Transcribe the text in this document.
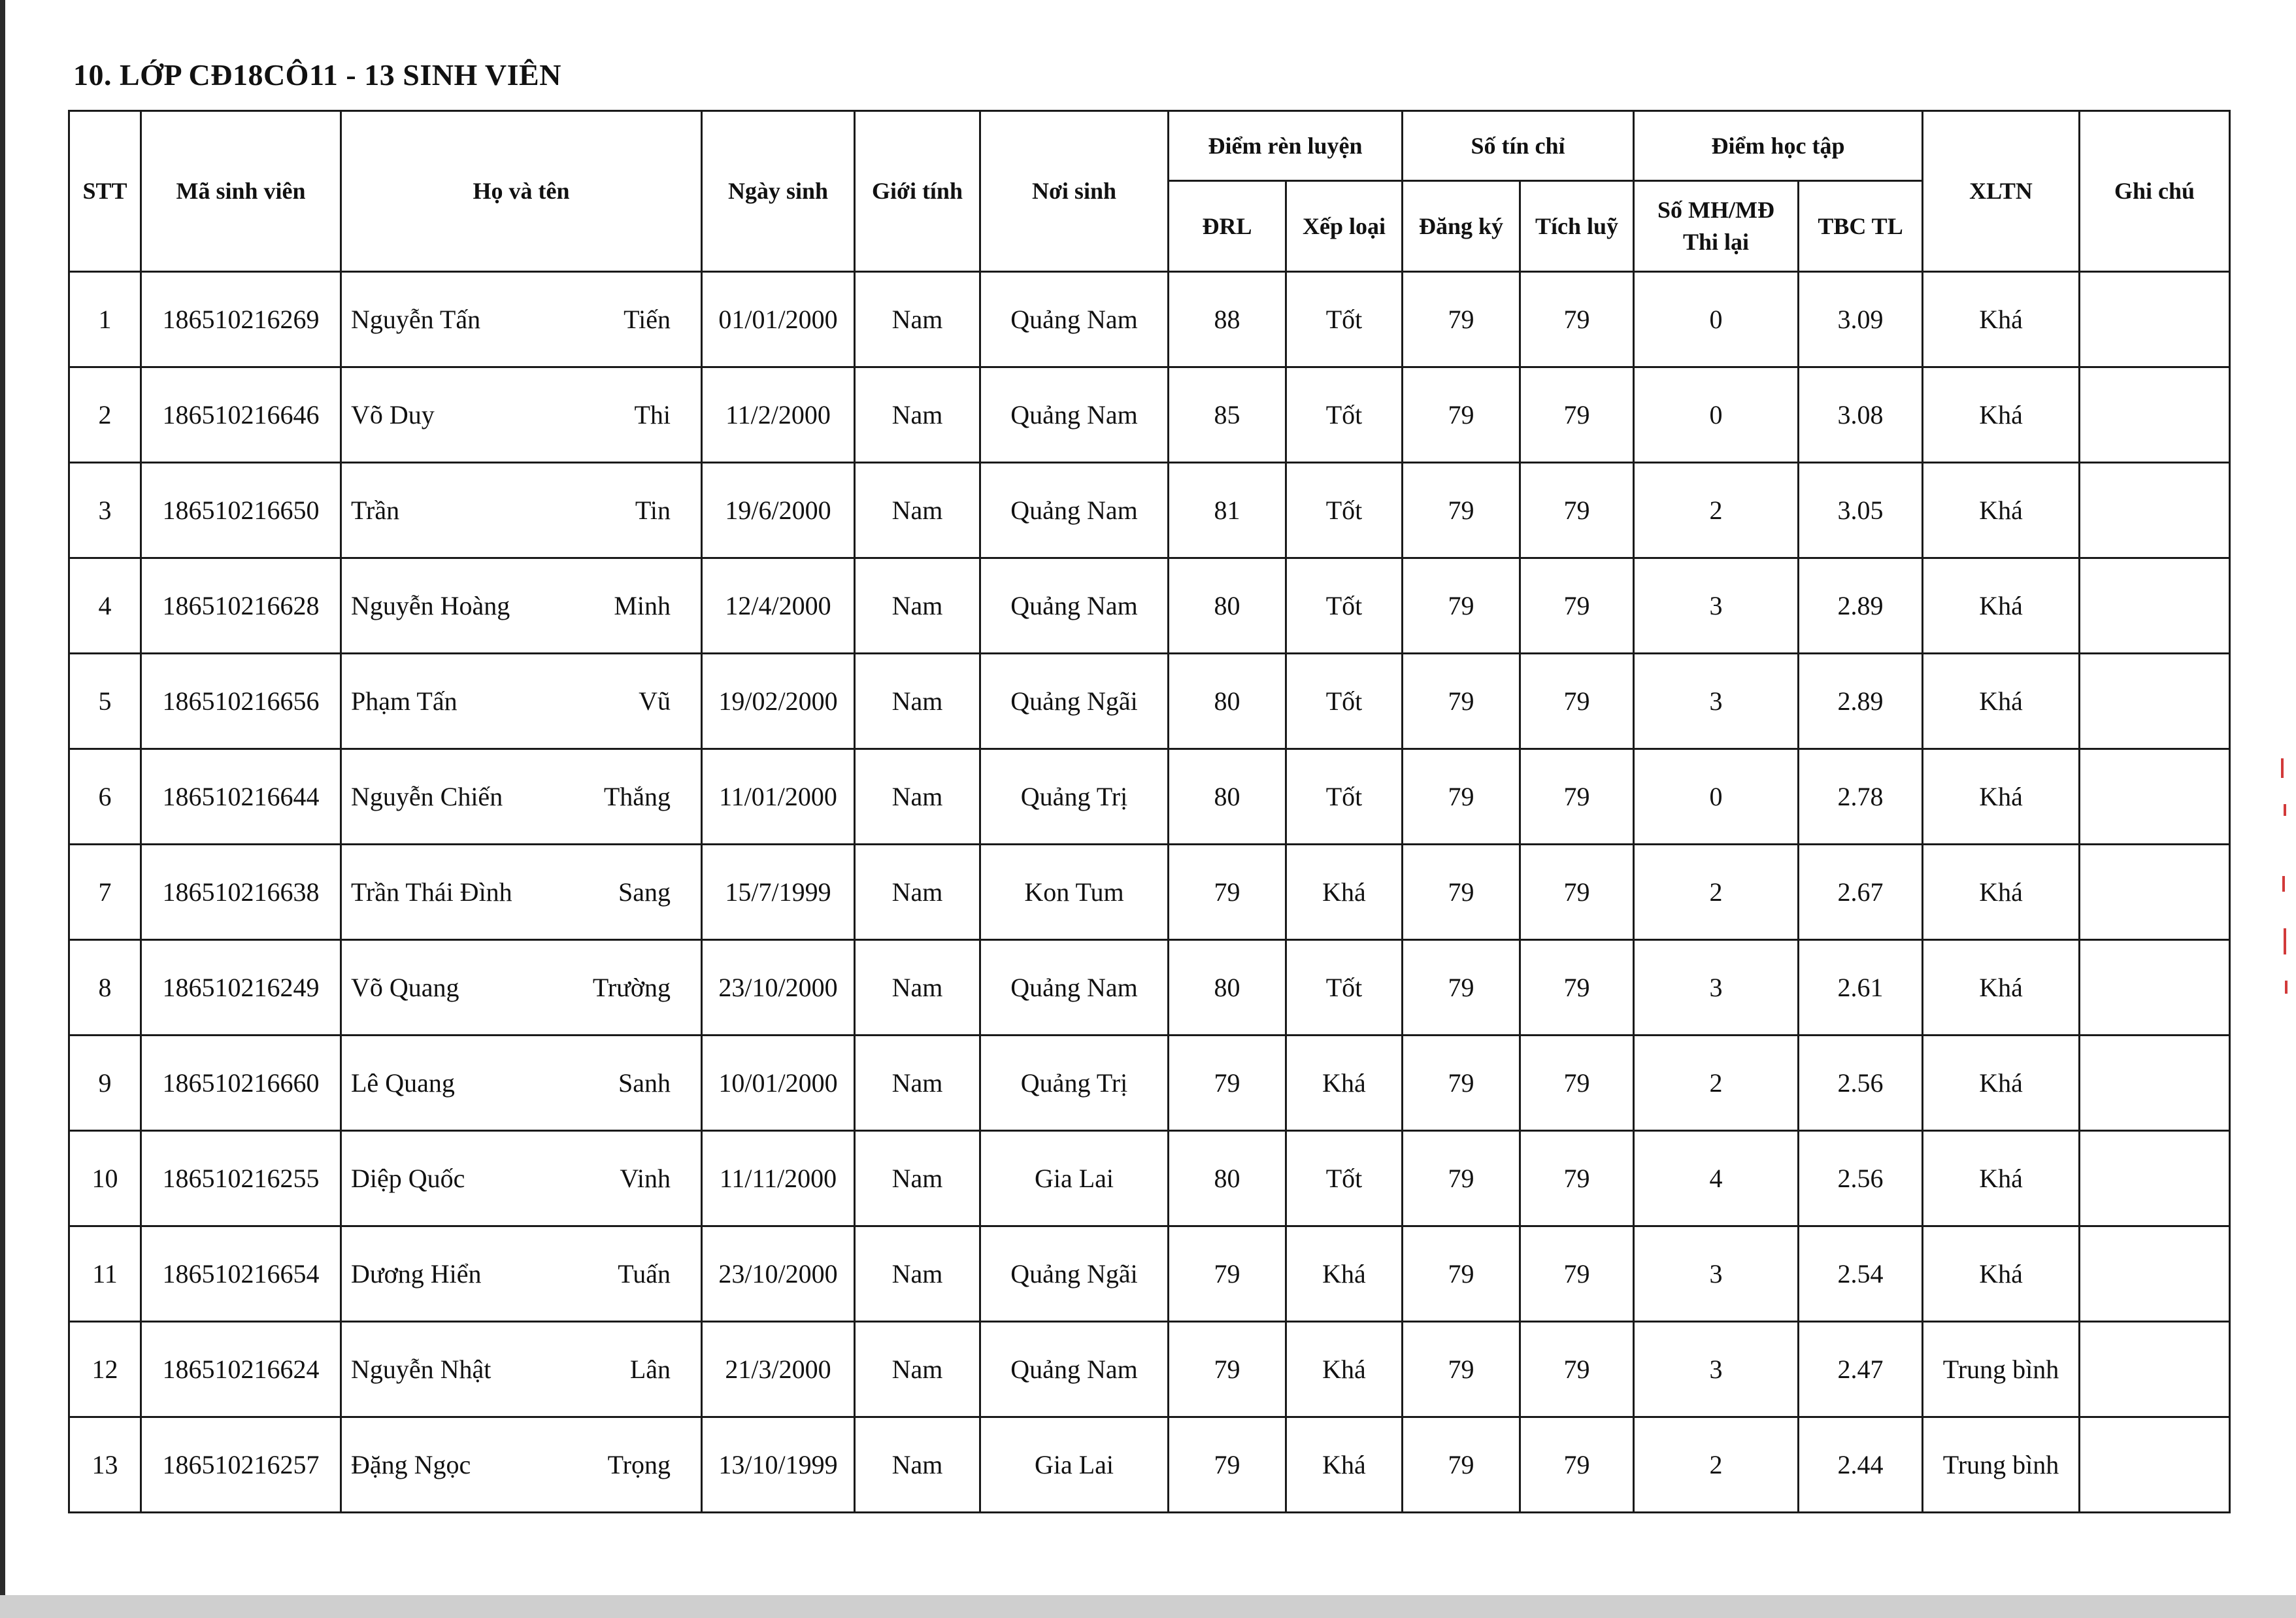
10. LỚP CĐ18CÔ11 - 13 SINH VIÊN
STT	Mã sinh viên	Họ và tên	Ngày sinh	Giới tính	Nơi sinh	Điểm rèn luyện		Số tín chỉ		Điểm học tập		XLTN	Ghi chú
						ĐRL	Xếp loại	Đăng ký	Tích luỹ	Số MH/MĐ Thi lại	TBC TL		
1	186510216269	Nguyễn Tấn Tiến	01/01/2000	Nam	Quảng Nam	88	Tốt	79	79	0	3.09	Khá	
2	186510216646	Võ Duy Thi	11/2/2000	Nam	Quảng Nam	85	Tốt	79	79	0	3.08	Khá	
3	186510216650	Trần Tin	19/6/2000	Nam	Quảng Nam	81	Tốt	79	79	2	3.05	Khá	
4	186510216628	Nguyễn Hoàng Minh	12/4/2000	Nam	Quảng Nam	80	Tốt	79	79	3	2.89	Khá	
5	186510216656	Phạm Tấn Vũ	19/02/2000	Nam	Quảng Ngãi	80	Tốt	79	79	3	2.89	Khá	
6	186510216644	Nguyễn Chiến Thắng	11/01/2000	Nam	Quảng Trị	80	Tốt	79	79	0	2.78	Khá	
7	186510216638	Trần Thái Đình Sang	15/7/1999	Nam	Kon Tum	79	Khá	79	79	2	2.67	Khá	
8	186510216249	Võ Quang Trường	23/10/2000	Nam	Quảng Nam	80	Tốt	79	79	3	2.61	Khá	
9	186510216660	Lê Quang Sanh	10/01/2000	Nam	Quảng Trị	79	Khá	79	79	2	2.56	Khá	
10	186510216255	Diệp Quốc Vinh	11/11/2000	Nam	Gia Lai	80	Tốt	79	79	4	2.56	Khá	
11	186510216654	Dương Hiển Tuấn	23/10/2000	Nam	Quảng Ngãi	79	Khá	79	79	3	2.54	Khá	
12	186510216624	Nguyễn Nhật Lân	21/3/2000	Nam	Quảng Nam	79	Khá	79	79	3	2.47	Trung bình	
13	186510216257	Đặng Ngọc Trọng	13/10/1999	Nam	Gia Lai	79	Khá	79	79	2	2.44	Trung bình	
